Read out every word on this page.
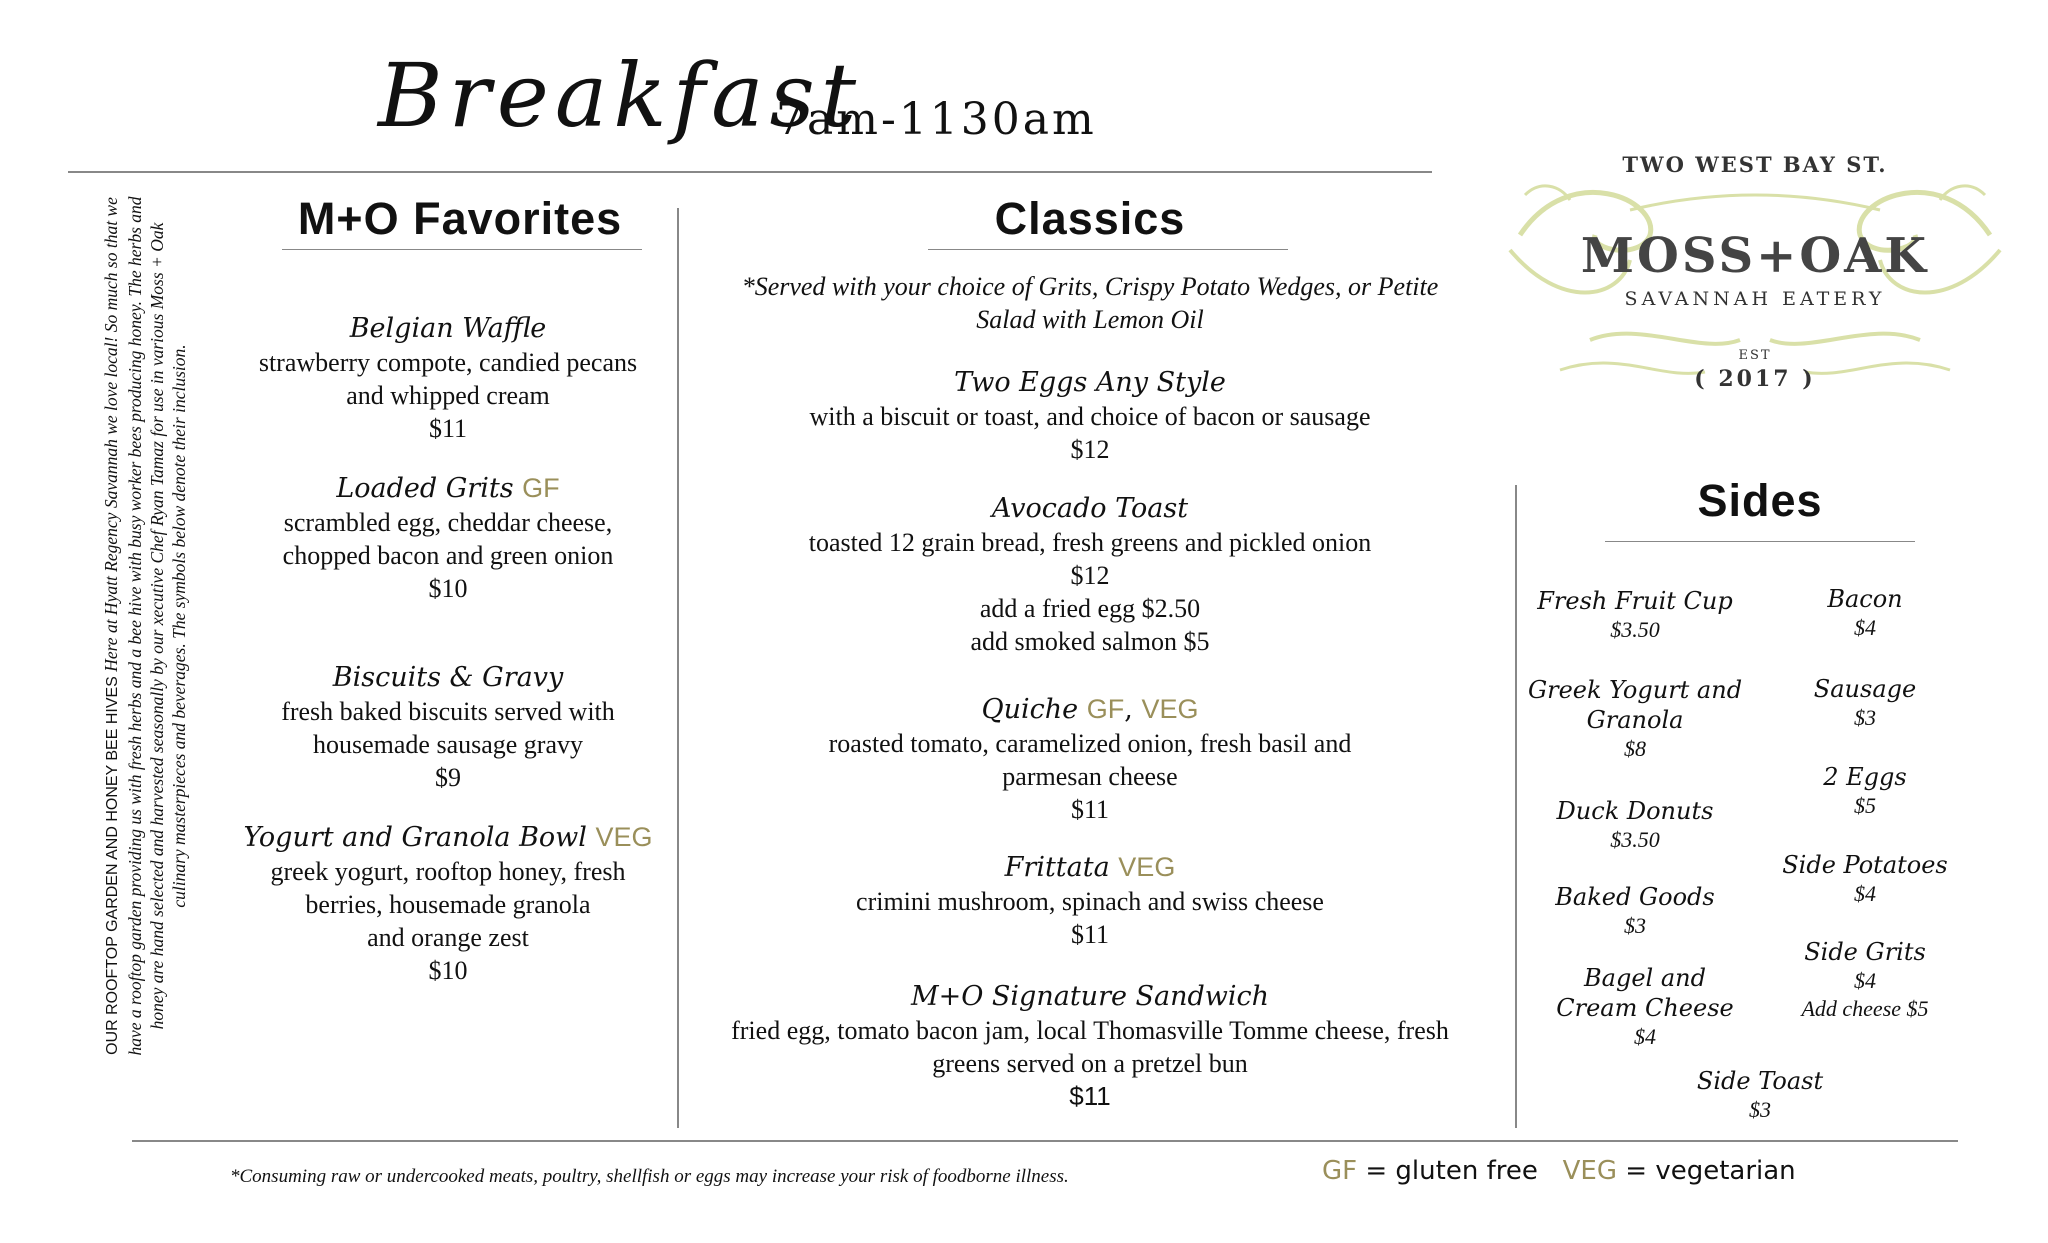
Breakfast
7am-1130am
OUR ROOFTOP GARDEN AND HONEY BEE HIVES Here at Hyatt Regency Savannah we love local! So much so that we have a rooftop garden providing us with fresh herbs and a bee hive with busy worker bees producing honey. The herbs and honey are hand selected and harvested seasonally by our xecutive Chef Ryan Tamaz for use in various Moss + Oak culinary masterpieces and beverages. The symbols below denote their inclusion.
TWO WEST BAY ST.
MOSS+OAK
SAVANNAH EATERY
EST
( 2017 )
M+O Favorites
Belgian Waffle
strawberry compote, candied pecans
and whipped cream
$11
Loaded Grits GF
scrambled egg, cheddar cheese,
chopped bacon and green onion
$10
Biscuits & Gravy
fresh baked biscuits served with
housemade sausage gravy
$9
Yogurt and Granola Bowl VEG
greek yogurt, rooftop honey, fresh
berries, housemade granola
and orange zest
$10
Classics
*Served with your choice of Grits, Crispy Potato Wedges, or Petite
Salad with Lemon Oil
Two Eggs Any Style
with a biscuit or toast, and choice of bacon or sausage
$12
Avocado Toast
toasted 12 grain bread, fresh greens and pickled onion
$12
add a fried egg $2.50
add smoked salmon $5
Quiche GF, VEG
roasted tomato, caramelized onion, fresh basil and
parmesan cheese
$11
Frittata VEG
crimini mushroom, spinach and swiss cheese
$11
M+O Signature Sandwich
fried egg, tomato bacon jam, local Thomasville Tomme cheese, fresh
greens served on a pretzel bun
$11
Sides
Fresh Fruit Cup
$3.50
Greek Yogurt and
Granola
$8
Duck Donuts
$3.50
Baked Goods
$3
Bagel and
Cream Cheese
$4
Bacon
$4
Sausage
$3
2 Eggs
$5
Side Potatoes
$4
Side Grits
$4
Add cheese $5
Side Toast
$3
*Consuming raw or undercooked meats, poultry, shellfish or eggs may increase your risk of foodborne illness.	GF = gluten free VEG = vegetarian
